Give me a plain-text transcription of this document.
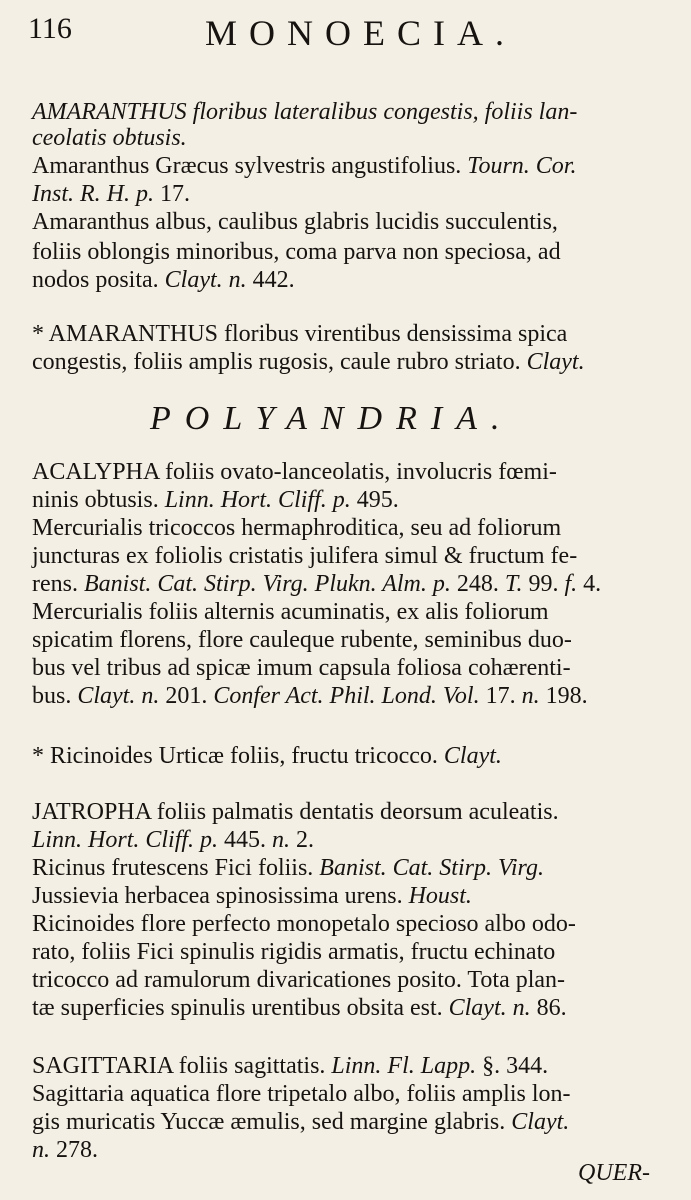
116	MONOECIA.
POLYANDRIA.
AMARANTHUS floribus lateralibus congestis, foliis lan-
ceolatis obtusis.
Amaranthus Græcus sylvestris angustifolius. Tourn. Cor.
Inst. R. H. p. 17.
Amaranthus albus, caulibus glabris lucidis succulentis,
foliis oblongis minoribus, coma parva non speciosa, ad
nodos posita. Clayt. n. 442.
* AMARANTHUS floribus virentibus densissima spica
congestis, foliis amplis rugosis, caule rubro striato. Clayt.
ACALYPHA foliis ovato-lanceolatis, involucris fœmi-
ninis obtusis. Linn. Hort. Cliff. p. 495.
Mercurialis tricoccos hermaphroditica, seu ad foliorum
juncturas ex foliolis cristatis julifera simul & fructum fe-
rens. Banist. Cat. Stirp. Virg. Plukn. Alm. p. 248. T. 99. f. 4.
Mercurialis foliis alternis acuminatis, ex alis foliorum
spicatim florens, flore cauleque rubente, seminibus duo-
bus vel tribus ad spicæ imum capsula foliosa cohærenti-
bus. Clayt. n. 201. Confer Act. Phil. Lond. Vol. 17. n. 198.
* Ricinoides Urticæ foliis, fructu tricocco. Clayt.
JATROPHA foliis palmatis dentatis deorsum aculeatis.
Linn. Hort. Cliff. p. 445. n. 2.
Ricinus frutescens Fici foliis. Banist. Cat. Stirp. Virg.
Jussievia herbacea spinosissima urens. Houst.
Ricinoides flore perfecto monopetalo specioso albo odo-
rato, foliis Fici spinulis rigidis armatis, fructu echinato
tricocco ad ramulorum divaricationes posito. Tota plan-
tæ superficies spinulis urentibus obsita est. Clayt. n. 86.
SAGITTARIA foliis sagittatis. Linn. Fl. Lapp. §. 344.
Sagittaria aquatica flore tripetalo albo, foliis amplis lon-
gis muricatis Yuccæ æmulis, sed margine glabris. Clayt.
n. 278.
QUER-
